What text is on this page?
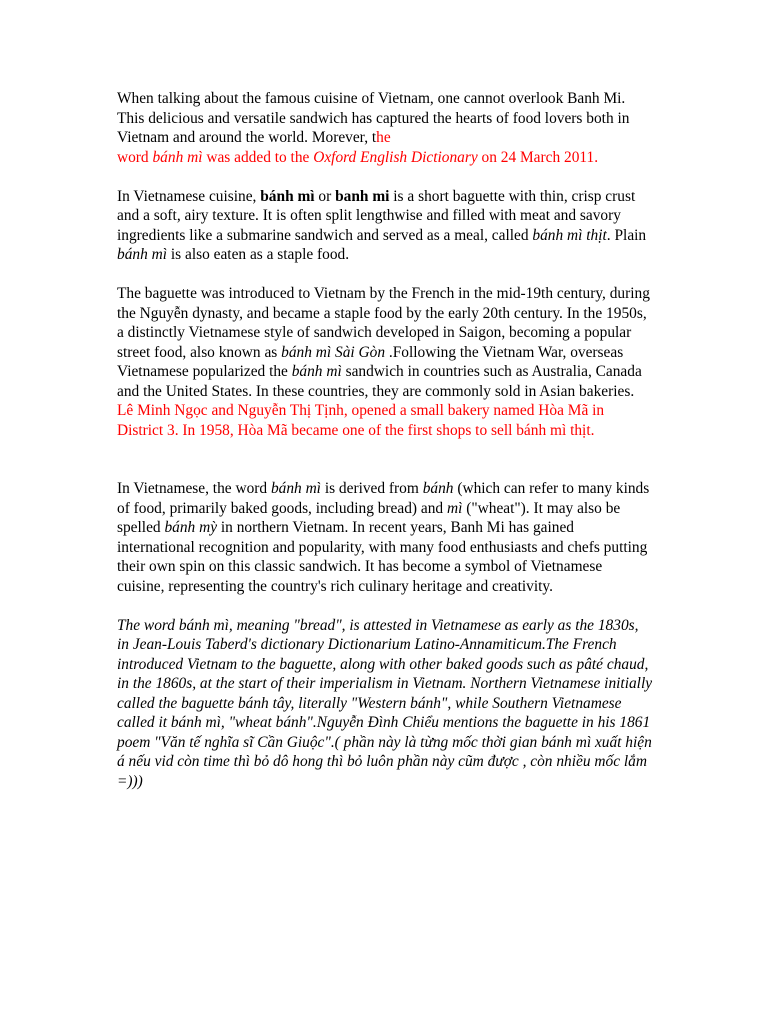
When talking about the famous cuisine of Vietnam, one cannot overlook Banh Mi. This delicious and versatile sandwich has captured the hearts of food lovers both in Vietnam and around the world. Morever, the
word bánh mì was added to the Oxford English Dictionary on 24 March 2011.

In Vietnamese cuisine, bánh mì or banh mi is a short baguette with thin, crisp crust and a soft, airy texture. It is often split lengthwise and filled with meat and savory ingredients like a submarine sandwich and served as a meal, called bánh mì thịt. Plain bánh mì is also eaten as a staple food.

The baguette was introduced to Vietnam by the French in the mid-19th century, during the Nguyễn dynasty, and became a staple food by the early 20th century. In the 1950s, a distinctly Vietnamese style of sandwich developed in Saigon, becoming a popular street food, also known as bánh mì Sài Gòn .Following the Vietnam War, overseas Vietnamese popularized the bánh mì sandwich in countries such as Australia, Canada and the United States. In these countries, they are commonly sold in Asian bakeries.

Lê Minh Ngọc and Nguyễn Thị Tịnh, opened a small bakery named Hòa Mã in District 3. In 1958, Hòa Mã became one of the first shops to sell bánh mì thịt.

In Vietnamese, the word bánh mì is derived from bánh (which can refer to many kinds of food, primarily baked goods, including bread) and mì ("wheat"). It may also be spelled bánh mỳ in northern Vietnam. In recent years, Banh Mi has gained international recognition and popularity, with many food enthusiasts and chefs putting their own spin on this classic sandwich. It has become a symbol of Vietnamese cuisine, representing the country's rich culinary heritage and creativity.

The word bánh mì, meaning "bread", is attested in Vietnamese as early as the 1830s, in Jean-Louis Taberd's dictionary Dictionarium Latino-Annamiticum.The French introduced Vietnam to the baguette, along with other baked goods such as pâté chaud, in the 1860s, at the start of their imperialism in Vietnam. Northern Vietnamese initially called the baguette bánh tây, literally "Western bánh", while Southern Vietnamese called it bánh mì, "wheat bánh".Nguyễn Đình Chiểu mentions the baguette in his 1861 poem "Văn tế nghĩa sĩ Cần Giuộc".( phần này là từng mốc thời gian bánh mì xuất hiện á nếu vid còn time thì bỏ dô hong thì bỏ luôn phần này cũm được , còn nhiều mốc lắm =)))
